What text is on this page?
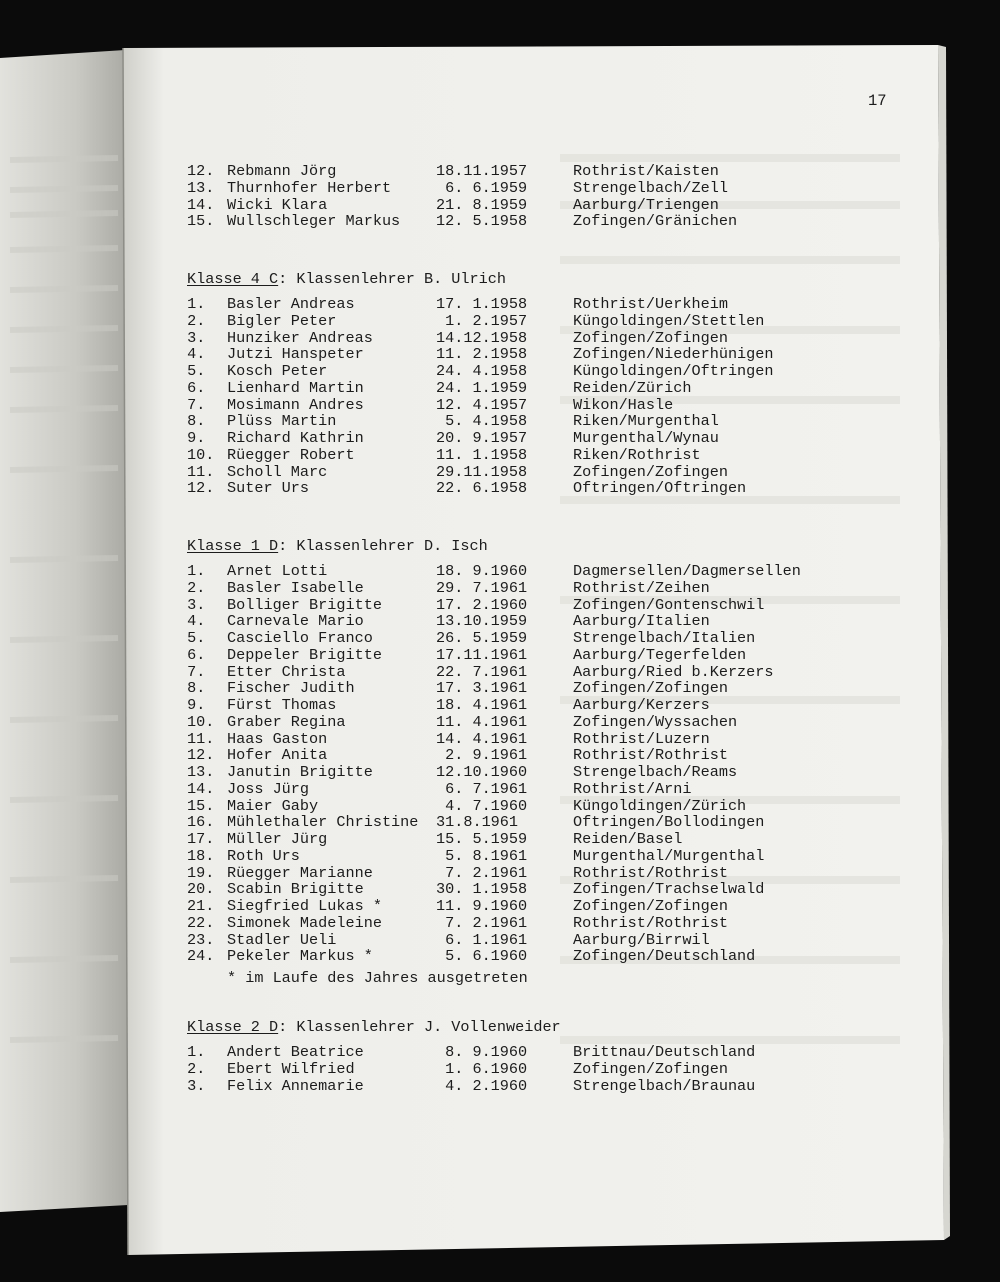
17
12. Rebmann Jörg	18.11.1957	Rothrist/Kaisten
13. Thurnhofer Herbert	6. 6.1959	Strengelbach/Zell
14. Wicki Klara	21. 8.1959	Aarburg/Triengen
15. Wullschleger Markus 12. 5.1958	Zofingen/Gränichen
Klasse 4 C : Klassenlehrer B. Ulrich
1. Basler Andreas	17. 1.1958	Rothrist/Uerkheim
2. Bigler Peter	1. 2.1957	Küngoldingen/Stettlen
3. Hunziker Andreas	14.12.1958	Zofingen/Zofingen
4. Jutzi Hanspeter	11. 2.1958	Zofingen/Niederhünigen
5. Kosch Peter	24. 4.1958	Küngoldingen/Oftringen
6. Lienhard Martin	24. 1.1959	Reiden/Zürich
7. Mosimann Andres	12. 4.1957	Wikon/Hasle
8. Plüss Martin	5. 4.1958	Riken/Murgenthal
9. Richard Kathrin	20. 9.1957	Murgenthal/Wynau
10. Rüegger Robert	11. 1.1958	Riken/Rothrist
11. Scholl Marc	29.11.1958	Zofingen/Zofingen
12. Suter Urs	22. 6.1958	Oftringen/Oftringen
Klasse 1 D : Klassenlehrer D. Isch
1. Arnet Lotti	18. 9.1960	Dagmersellen/Dagmersellen
2. Basler Isabelle	29. 7.1961	Rothrist/Zeihen
3. Bolliger Brigitte	17. 2.1960	Zofingen/Gontenschwil
4. Carnevale Mario	13.10.1959	Aarburg/Italien
5. Casciello Franco	26. 5.1959	Strengelbach/Italien
6. Deppeler Brigitte	17.11.1961	Aarburg/Tegerfelden
7. Etter Christa	22. 7.1961	Aarburg/Ried b.Kerzers
8. Fischer Judith	17. 3.1961	Zofingen/Zofingen
9. Fürst Thomas	18. 4.1961	Aarburg/Kerzers
10. Graber Regina	11. 4.1961	Zofingen/Wyssachen
11. Haas Gaston	14. 4.1961	Rothrist/Luzern
12. Hofer Anita	2. 9.1961	Rothrist/Rothrist
13. Janutin Brigitte	12.10.1960	Strengelbach/Reams
14. Joss Jürg	6. 7.1961	Rothrist/Arni
15. Maier Gaby	4. 7.1960	Küngoldingen/Zürich
16. Mühlethaler Christine 31.8.1961	Oftringen/Bollodingen
17. Müller Jürg	15. 5.1959	Reiden/Basel
18. Roth Urs	5. 8.1961	Murgenthal/Murgenthal
19. Rüegger Marianne	7. 2.1961	Rothrist/Rothrist
20. Scabin Brigitte	30. 1.1958	Zofingen/Trachselwald
21. Siegfried Lukas *	11. 9.1960	Zofingen/Zofingen
22. Simonek Madeleine	7. 2.1961	Rothrist/Rothrist
23. Stadler Ueli	6. 1.1961	Aarburg/Birrwil
24. Pekeler Markus *	5. 6.1960	Zofingen/Deutschland
* im Laufe des Jahres ausgetreten
Klasse 2 D : Klassenlehrer J. Vollenweider
1. Andert Beatrice	8. 9.1960	Brittnau/Deutschland
2. Ebert Wilfried	1. 6.1960	Zofingen/Zofingen
3. Felix Annemarie	4. 2.1960	Strengelbach/Braunau
